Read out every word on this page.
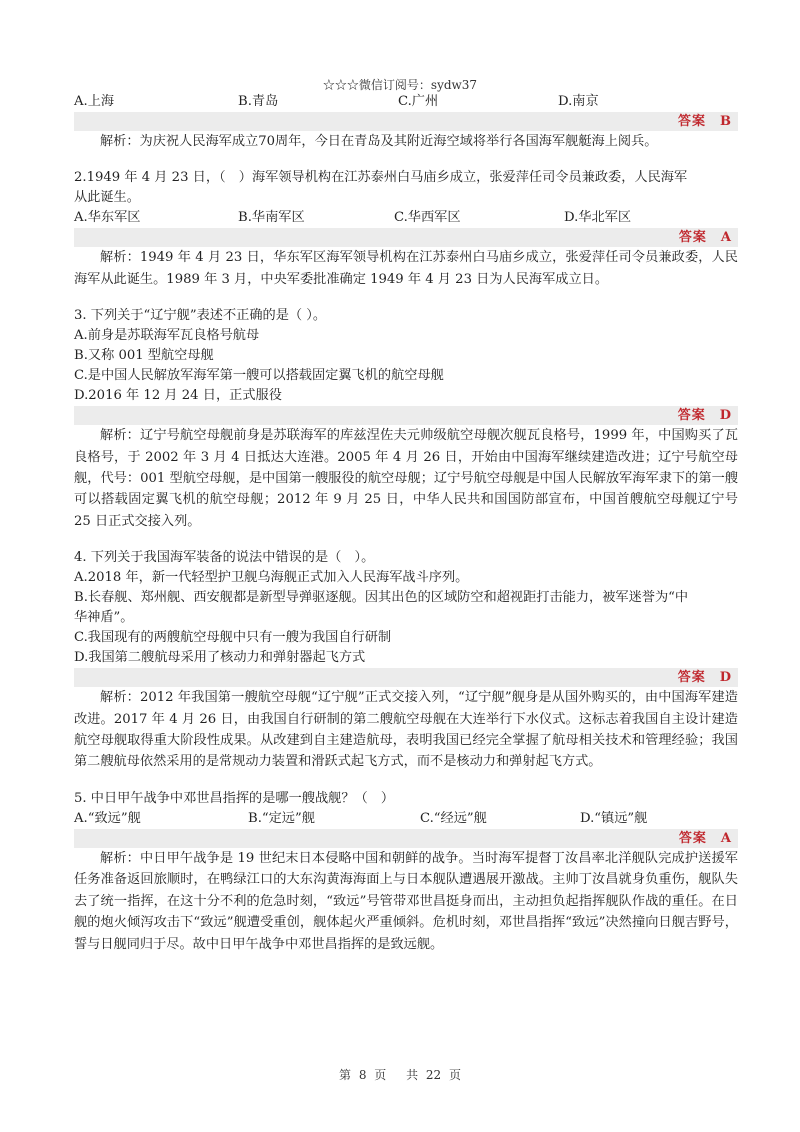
☆☆☆微信订阅号：sydw37
A.上海	B.青岛	C.广州	D.南京
答案 B
解析：为庆祝人民海军成立70周年，今日在青岛及其附近海空域将举行各国海军舰艇海上阅兵。
2.1949 年 4 月 23 日，（　）海军领导机构在江苏泰州白马庙乡成立，张爱萍任司令员兼政委，人民海军
从此诞生。
A.华东军区	B.华南军区	C.华西军区	D.华北军区
答案 A
解析：1949 年 4 月 23 日，华东军区海军领导机构在江苏泰州白马庙乡成立，张爱萍任司令员兼政委，人民海军从此诞生。1989 年 3 月，中央军委批准确定 1949 年 4 月 23 日为人民海军成立日。
3. 下列关于“辽宁舰”表述不正确的是（ ）。
A.前身是苏联海军瓦良格号航母
B.又称 001 型航空母舰
C.是中国人民解放军海军第一艘可以搭载固定翼飞机的航空母舰
D.2016 年 12 月 24 日，正式服役
答案 D
解析：辽宁号航空母舰前身是苏联海军的库兹涅佐夫元帅级航空母舰次舰瓦良格号，1999 年，中国购买了瓦良格号，于 2002 年 3 月 4 日抵达大连港。2005 年 4 月 26 日，开始由中国海军继续建造改进；辽宁号航空母舰，代号：001 型航空母舰，是中国第一艘服役的航空母舰；辽宁号航空母舰是中国人民解放军海军隶下的第一艘可以搭载固定翼飞机的航空母舰；2012 年 9 月 25 日，中华人民共和国国防部宣布，中国首艘航空母舰辽宁号 25 日正式交接入列。
4. 下列关于我国海军装备的说法中错误的是（　）。
A.2018 年，新一代轻型护卫舰乌海舰正式加入人民海军战斗序列。
B.长春舰、郑州舰、西安舰都是新型导弹驱逐舰。因其出色的区域防空和超视距打击能力，被军迷誉为“中
华神盾”。
C.我国现有的两艘航空母舰中只有一艘为我国自行研制
D.我国第二艘航母采用了核动力和弹射器起飞方式
答案 D
解析：2012 年我国第一艘航空母舰“辽宁舰”正式交接入列，“辽宁舰”舰身是从国外购买的，由中国海军建造改进。2017 年 4 月 26 日，由我国自行研制的第二艘航空母舰在大连举行下水仪式。这标志着我国自主设计建造航空母舰取得重大阶段性成果。从改建到自主建造航母，表明我国已经完全掌握了航母相关技术和管理经验；我国第二艘航母依然采用的是常规动力装置和滑跃式起飞方式，而不是核动力和弹射起飞方式。
5. 中日甲午战争中邓世昌指挥的是哪一艘战舰？（　）
A.“致远”舰	B.“定远”舰	C.“经远”舰	D.“镇远”舰
答案 A
解析：中日甲午战争是 19 世纪末日本侵略中国和朝鲜的战争。当时海军提督丁汝昌率北洋舰队完成护送援军任务准备返回旅顺时，在鸭绿江口的大东沟黄海海面上与日本舰队遭遇展开激战。主帅丁汝昌就身负重伤，舰队失去了统一指挥，在这十分不利的危急时刻，“致远”号管带邓世昌挺身而出，主动担负起指挥舰队作战的重任。在日舰的炮火倾泻攻击下“致远”舰遭受重创，舰体起火严重倾斜。危机时刻，邓世昌指挥“致远”决然撞向日舰吉野号，誓与日舰同归于尽。故中日甲午战争中邓世昌指挥的是致远舰。
第 8 页　 共 22 页
